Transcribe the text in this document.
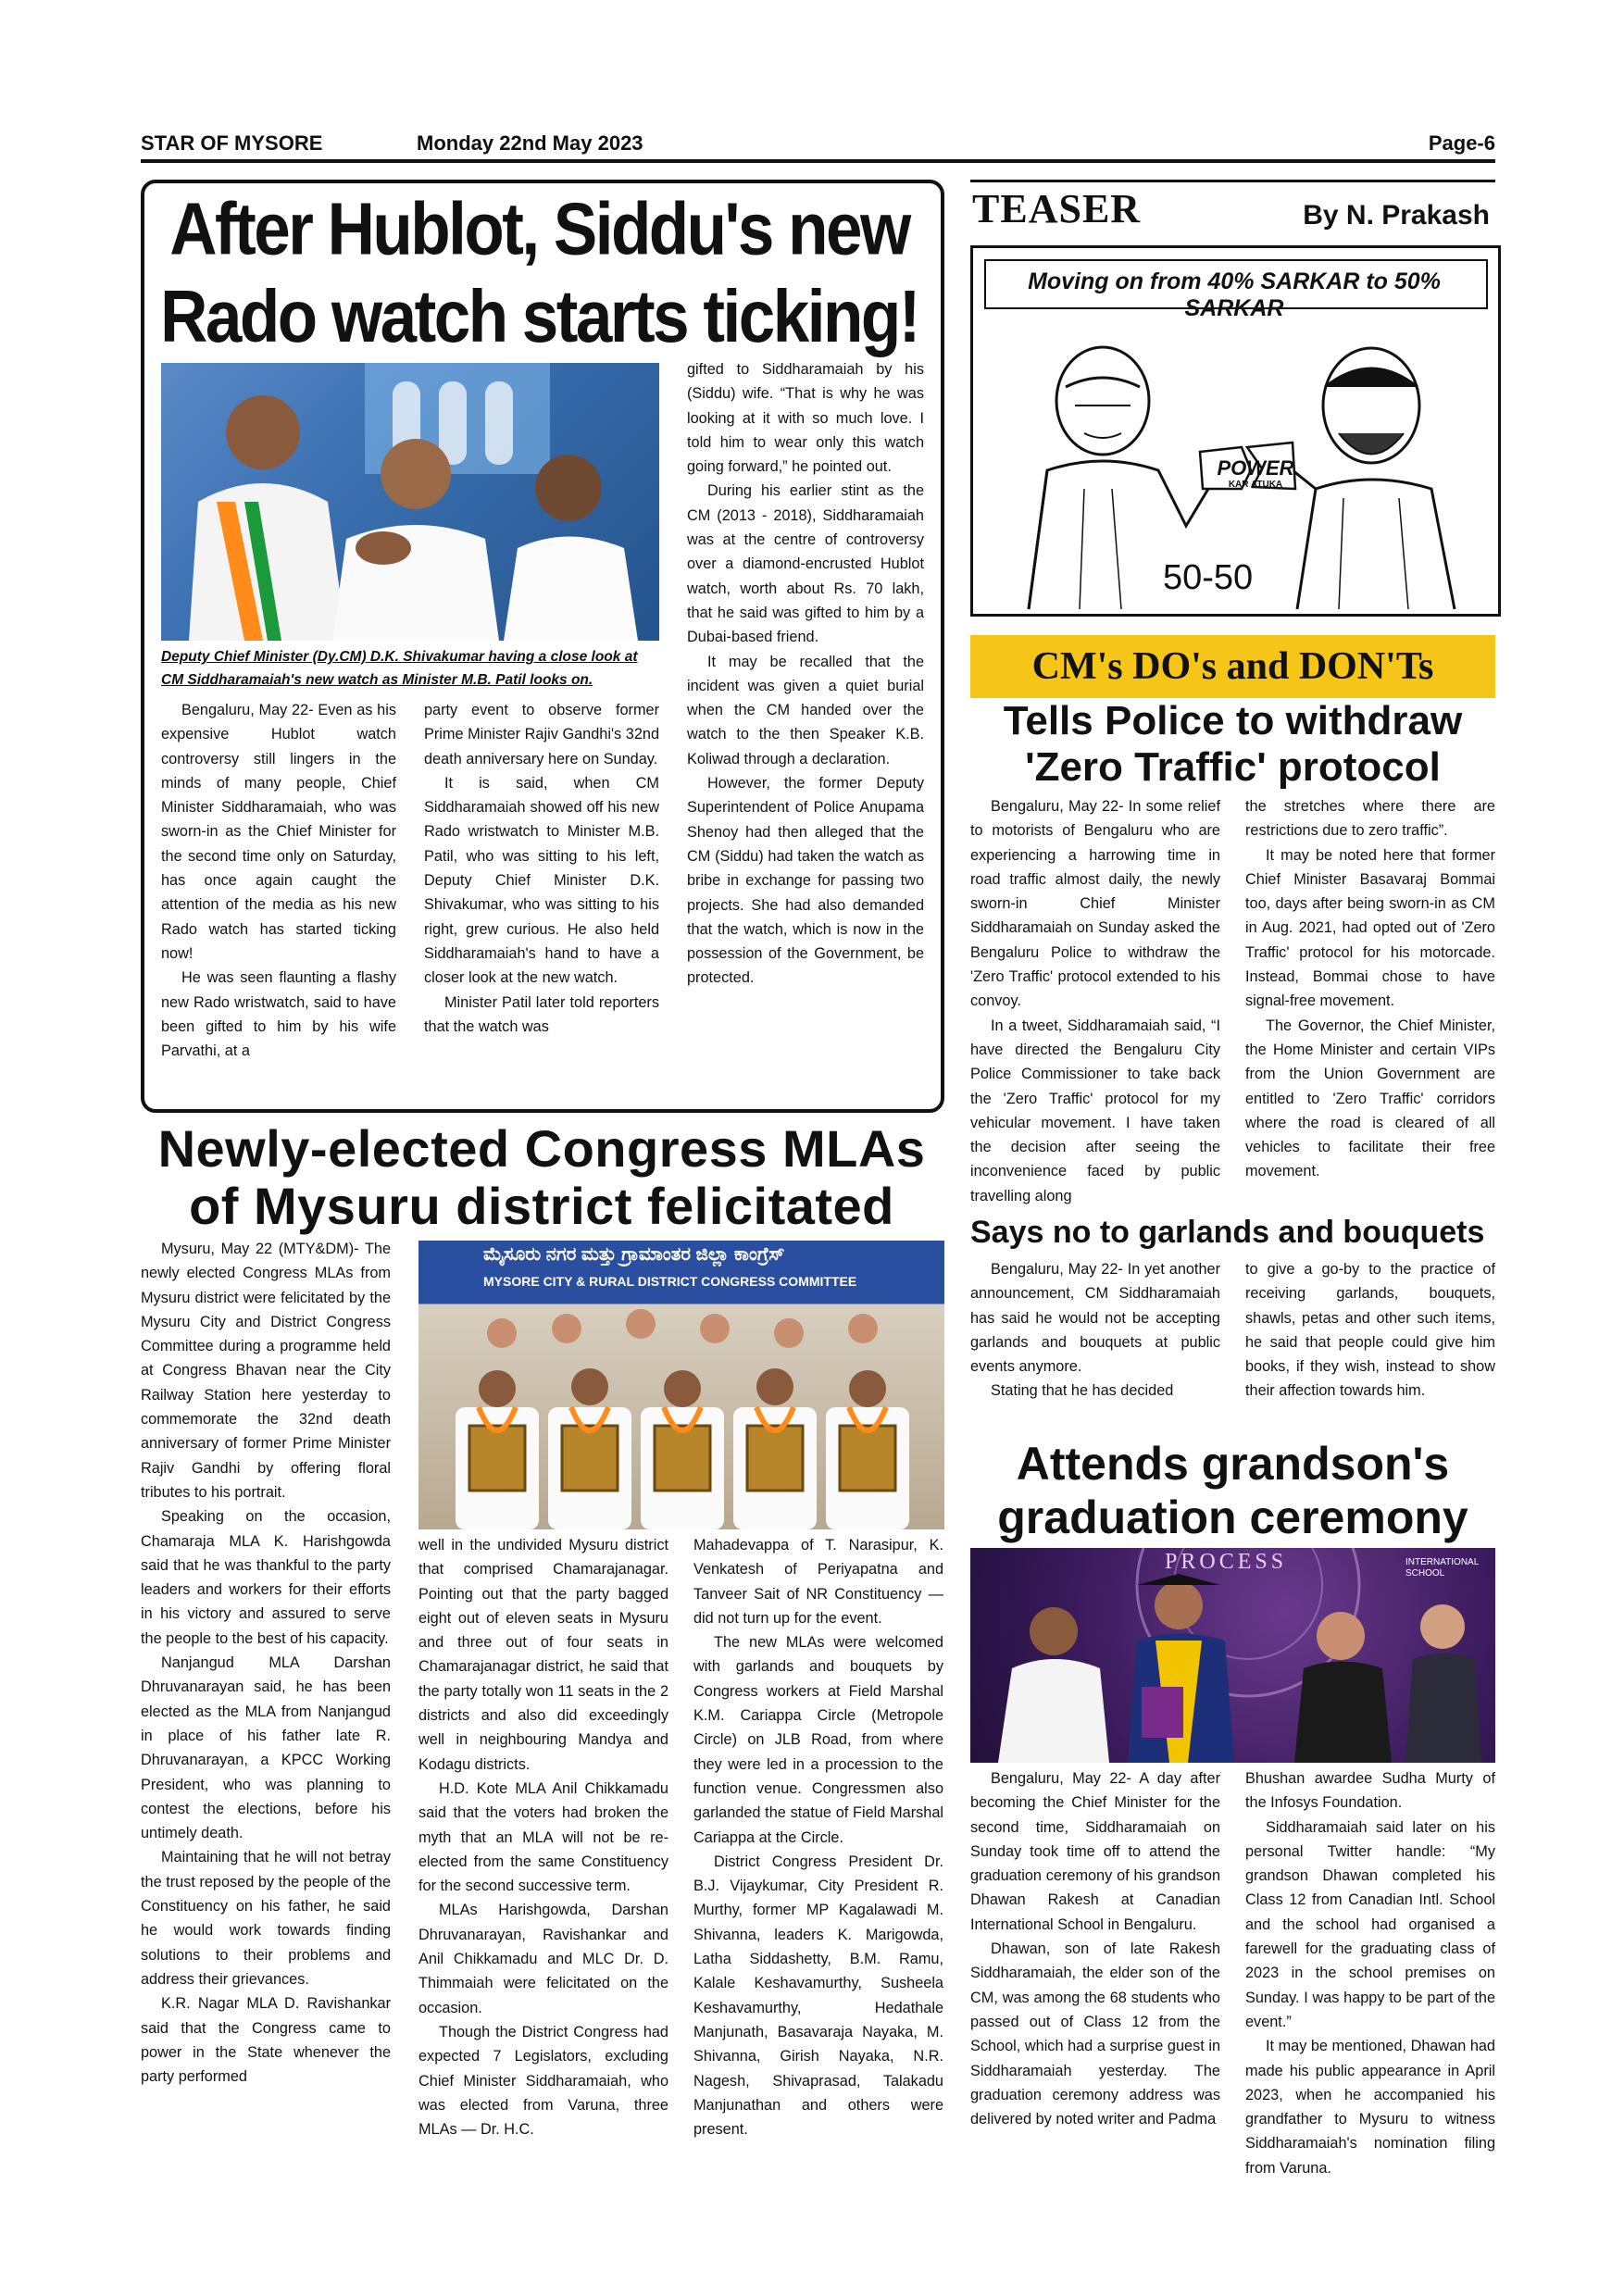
STAR OF MYSORE	Monday 22nd May 2023	Page-6
After Hublot, Siddu's new
Rado watch starts ticking!
Deputy Chief Minister (Dy.CM) D.K. Shivakumar having a close look at CM Siddharamaiah's new watch as Minister M.B. Patil looks on.

Bengaluru, May 22- Even as his expensive Hublot watch controversy still lingers in the minds of many people, Chief Minister Siddharamaiah, who was sworn-in as the Chief Minister for the second time only on Saturday, has once again caught the attention of the media as his new Rado watch has started ticking now!

He was seen flaunting a flashy new Rado wristwatch, said to have been gifted to him by his wife Parvathi, at a

party event to observe former Prime Minister Rajiv Gandhi's 32nd death anniversary here on Sunday.

It is said, when CM Siddharamaiah showed off his new Rado wristwatch to Minister M.B. Patil, who was sitting to his left, Deputy Chief Minister D.K. Shivakumar, who was sitting to his right, grew curious. He also held Siddharamaiah's hand to have a closer look at the new watch.

Minister Patil later told reporters that the watch was

gifted to Siddharamaiah by his (Siddu) wife. “That is why he was looking at it with so much love. I told him to wear only this watch going forward,” he pointed out.

During his earlier stint as the CM (2013 - 2018), Siddharamaiah was at the centre of controversy over a diamond-encrusted Hublot watch, worth about Rs. 70 lakh, that he said was gifted to him by a Dubai-based friend.

It may be recalled that the incident was given a quiet burial when the CM handed over the watch to the then Speaker K.B. Koliwad through a declaration.

However, the former Deputy Superintendent of Police Anupama Shenoy had then alleged that the CM (Siddu) had taken the watch as bribe in exchange for passing two projects. She had also demanded that the watch, which is now in the possession of the Government, be protected.

TEASER	By N. Prakash
Moving on from 40% SARKAR to 50% SARKAR
POWER
KAR ATUKA
50-50
CM's DO's and DON'Ts
Tells Police to withdraw
'Zero Traffic' protocol

Bengaluru, May 22- In some relief to motorists of Bengaluru who are experiencing a harrowing time in road traffic almost daily, the newly sworn-in Chief Minister Siddharamaiah on Sunday asked the Bengaluru Police to withdraw the 'Zero Traffic' protocol extended to his convoy.

In a tweet, Siddharamaiah said, “I have directed the Bengaluru City Police Commissioner to take back the 'Zero Traffic' protocol for my vehicular movement. I have taken the decision after seeing the inconvenience faced by public travelling along

the stretches where there are restrictions due to zero traffic”.

It may be noted here that former Chief Minister Basavaraj Bommai too, days after being sworn-in as CM in Aug. 2021, had opted out of 'Zero Traffic' protocol for his motorcade. Instead, Bommai chose to have signal-free movement.

The Governor, the Chief Minister, the Home Minister and certain VIPs from the Union Government are entitled to 'Zero Traffic' corridors where the road is cleared of all vehicles to facilitate their free movement.

Says no to garlands and bouquets

Bengaluru, May 22- In yet another announcement, CM Siddharamaiah has said he would not be accepting garlands and bouquets at public events anymore.

Stating that he has decided

to give a go-by to the practice of receiving garlands, bouquets, shawls, petas and other such items, he said that people could give him books, if they wish, instead to show their affection towards him.

Attends grandson's
graduation ceremony
PROCESS	INTERNATIONAL SCHOOL

Bengaluru, May 22- A day after becoming the Chief Minister for the second time, Siddharamaiah on Sunday took time off to attend the graduation ceremony of his grandson Dhawan Rakesh at Canadian International School in Bengaluru.

Dhawan, son of late Rakesh Siddharamaiah, the elder son of the CM, was among the 68 students who passed out of Class 12 from the School, which had a surprise guest in Siddharamaiah yesterday. The graduation ceremony address was delivered by noted writer and Padma

Bhushan awardee Sudha Murty of the Infosys Foundation.

Siddharamaiah said later on his personal Twitter handle: “My grandson Dhawan completed his Class 12 from Canadian Intl. School and the school had organised a farewell for the graduating class of 2023 in the school premises on Sunday. I was happy to be part of the event.”

It may be mentioned, Dhawan had made his public appearance in April 2023, when he accompanied his grandfather to Mysuru to witness Siddharamaiah's nomination filing from Varuna.

Newly-elected Congress MLAs
of Mysuru district felicitated
ಮೈಸೂರು ನಗರ ಮತ್ತು ಗ್ರಾಮಾಂತರ ಜಿಲ್ಲಾ ಕಾಂಗ್ರೆಸ್
MYSORE CITY & RURAL DISTRICT CONGRESS COMMITTEE

Mysuru, May 22 (MTY&DM)- The newly elected Congress MLAs from Mysuru district were felicitated by the Mysuru City and District Congress Committee during a programme held at Congress Bhavan near the City Railway Station here yesterday to commemorate the 32nd death anniversary of former Prime Minister Rajiv Gandhi by offering floral tributes to his portrait.

Speaking on the occasion, Chamaraja MLA K. Harishgowda said that he was thankful to the party leaders and workers for their efforts in his victory and assured to serve the people to the best of his capacity.

Nanjangud MLA Darshan Dhruvanarayan said, he has been elected as the MLA from Nanjangud in place of his father late R. Dhruvanarayan, a KPCC Working President, who was planning to contest the elections, before his untimely death.

Maintaining that he will not betray the trust reposed by the people of the Constituency on his father, he said he would work towards finding solutions to their problems and address their grievances.

K.R. Nagar MLA D. Ravishankar said that the Congress came to power in the State whenever the party performed

well in the undivided Mysuru district that comprised Chamarajanagar. Pointing out that the party bagged eight out of eleven seats in Mysuru and three out of four seats in Chamarajanagar district, he said that the party totally won 11 seats in the 2 districts and also did exceedingly well in neighbouring Mandya and Kodagu districts.

H.D. Kote MLA Anil Chikkamadu said that the voters had broken the myth that an MLA will not be re-elected from the same Constituency for the second successive term.

MLAs Harishgowda, Darshan Dhruvanarayan, Ravishankar and Anil Chikkamadu and MLC Dr. D. Thimmaiah were felicitated on the occasion.

Though the District Congress had expected 7 Legislators, excluding Chief Minister Siddharamaiah, who was elected from Varuna, three MLAs — Dr. H.C.

Mahadevappa of T. Narasipur, K. Venkatesh of Periyapatna and Tanveer Sait of NR Constituency — did not turn up for the event.

The new MLAs were welcomed with garlands and bouquets by Congress workers at Field Marshal K.M. Cariappa Circle (Metropole Circle) on JLB Road, from where they were led in a procession to the function venue. Congressmen also garlanded the statue of Field Marshal Cariappa at the Circle.

District Congress President Dr. B.J. Vijaykumar, City President R. Murthy, former MP Kagalawadi M. Shivanna, leaders K. Marigowda, Latha Siddashetty, B.M. Ramu, Kalale Keshavamurthy, Susheela Keshavamurthy, Hedathale Manjunath, Basavaraja Nayaka, M. Shivanna, Girish Nayaka, N.R. Nagesh, Shivaprasad, Talakadu Manjunathan and others were present.
